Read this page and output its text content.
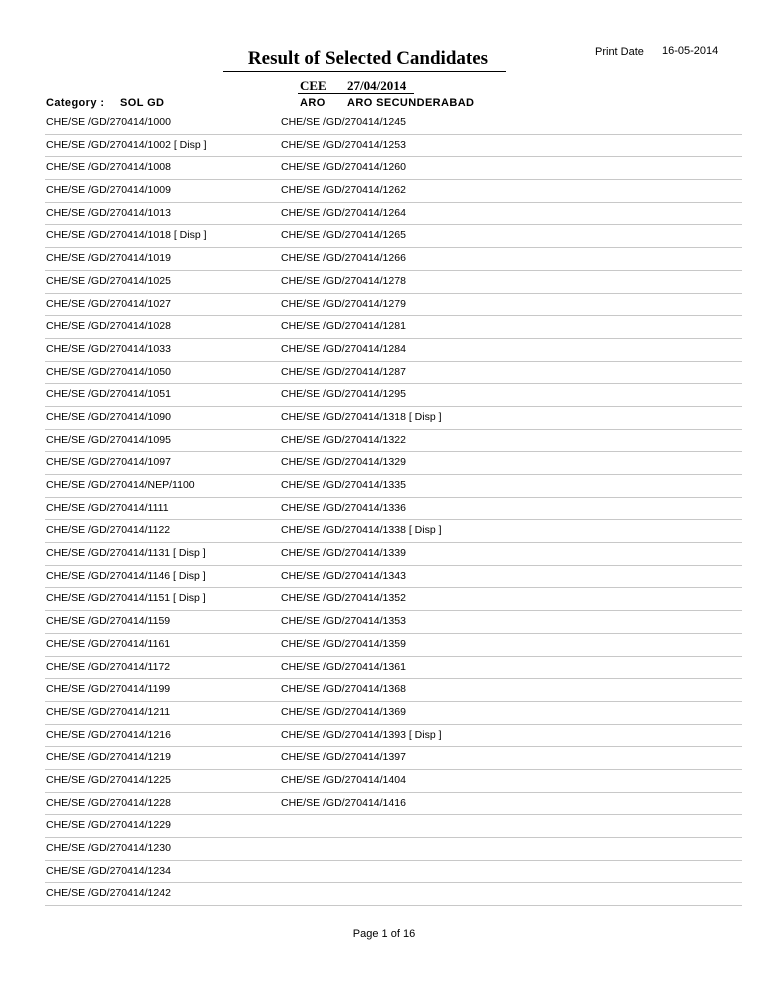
Result of Selected Candidates	Print Date 16-05-2014
CEE 27/04/2014
Category : SOL GD	ARO ARO SECUNDERABAD
CHE/SE /GD/270414/1000	CHE/SE /GD/270414/1245
CHE/SE /GD/270414/1002 [ Disp ]	CHE/SE /GD/270414/1253
CHE/SE /GD/270414/1008	CHE/SE /GD/270414/1260
CHE/SE /GD/270414/1009	CHE/SE /GD/270414/1262
CHE/SE /GD/270414/1013	CHE/SE /GD/270414/1264
CHE/SE /GD/270414/1018 [ Disp ]	CHE/SE /GD/270414/1265
CHE/SE /GD/270414/1019	CHE/SE /GD/270414/1266
CHE/SE /GD/270414/1025	CHE/SE /GD/270414/1278
CHE/SE /GD/270414/1027	CHE/SE /GD/270414/1279
CHE/SE /GD/270414/1028	CHE/SE /GD/270414/1281
CHE/SE /GD/270414/1033	CHE/SE /GD/270414/1284
CHE/SE /GD/270414/1050	CHE/SE /GD/270414/1287
CHE/SE /GD/270414/1051	CHE/SE /GD/270414/1295
CHE/SE /GD/270414/1090	CHE/SE /GD/270414/1318 [ Disp ]
CHE/SE /GD/270414/1095	CHE/SE /GD/270414/1322
CHE/SE /GD/270414/1097	CHE/SE /GD/270414/1329
CHE/SE /GD/270414/NEP/1100	CHE/SE /GD/270414/1335
CHE/SE /GD/270414/1111	CHE/SE /GD/270414/1336
CHE/SE /GD/270414/1122	CHE/SE /GD/270414/1338 [ Disp ]
CHE/SE /GD/270414/1131 [ Disp ]	CHE/SE /GD/270414/1339
CHE/SE /GD/270414/1146 [ Disp ]	CHE/SE /GD/270414/1343
CHE/SE /GD/270414/1151 [ Disp ]	CHE/SE /GD/270414/1352
CHE/SE /GD/270414/1159	CHE/SE /GD/270414/1353
CHE/SE /GD/270414/1161	CHE/SE /GD/270414/1359
CHE/SE /GD/270414/1172	CHE/SE /GD/270414/1361
CHE/SE /GD/270414/1199	CHE/SE /GD/270414/1368
CHE/SE /GD/270414/1211	CHE/SE /GD/270414/1369
CHE/SE /GD/270414/1216	CHE/SE /GD/270414/1393 [ Disp ]
CHE/SE /GD/270414/1219	CHE/SE /GD/270414/1397
CHE/SE /GD/270414/1225	CHE/SE /GD/270414/1404
CHE/SE /GD/270414/1228	CHE/SE /GD/270414/1416
CHE/SE /GD/270414/1229
CHE/SE /GD/270414/1230
CHE/SE /GD/270414/1234
CHE/SE /GD/270414/1242
Page 1 of 16
